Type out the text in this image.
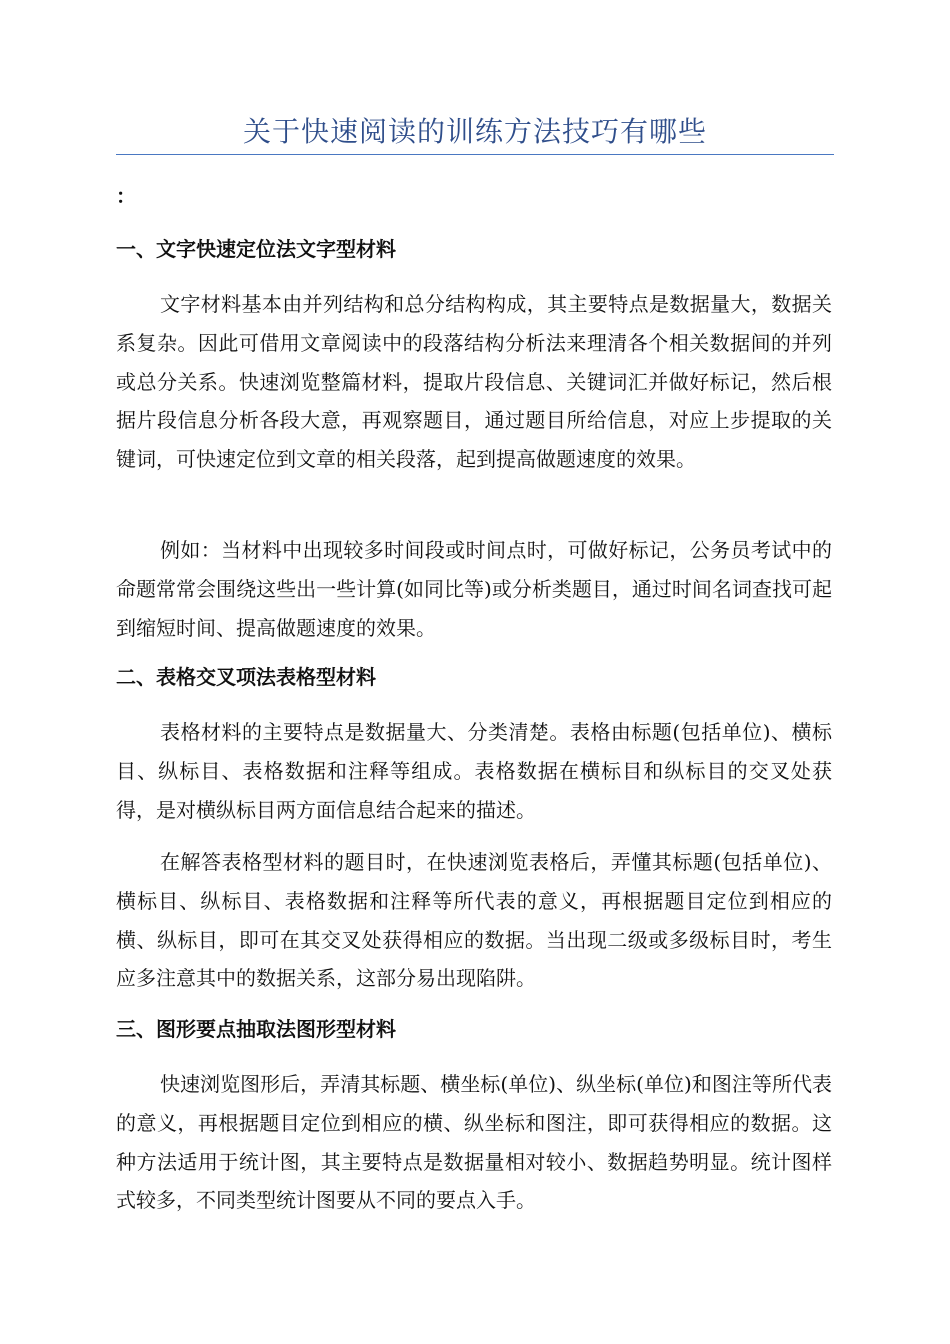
关于快速阅读的训练方法技巧有哪些

：

一、文字快速定位法文字型材料

文字材料基本由并列结构和总分结构构成，其主要特点是数据量大，数据关系复杂。因此可借用文章阅读中的段落结构分析法来理清各个相关数据间的并列或总分关系。快速浏览整篇材料，提取片段信息、关键词汇并做好标记，然后根据片段信息分析各段大意，再观察题目，通过题目所给信息，对应上步提取的关键词，可快速定位到文章的相关段落，起到提高做题速度的效果。

例如：当材料中出现较多时间段或时间点时，可做好标记，公务员考试中的命题常常会围绕这些出一些计算(如同比等)或分析类题目，通过时间名词查找可起到缩短时间、提高做题速度的效果。

二、表格交叉项法表格型材料

表格材料的主要特点是数据量大、分类清楚。表格由标题(包括单位)、横标目、纵标目、表格数据和注释等组成。表格数据在横标目和纵标目的交叉处获得，是对横纵标目两方面信息结合起来的描述。

在解答表格型材料的题目时，在快速浏览表格后，弄懂其标题(包括单位)、横标目、纵标目、表格数据和注释等所代表的意义，再根据题目定位到相应的横、纵标目，即可在其交叉处获得相应的数据。当出现二级或多级标目时，考生应多注意其中的数据关系，这部分易出现陷阱。

三、图形要点抽取法图形型材料

快速浏览图形后，弄清其标题、横坐标(单位)、纵坐标(单位)和图注等所代表的意义，再根据题目定位到相应的横、纵坐标和图注，即可获得相应的数据。这种方法适用于统计图，其主要特点是数据量相对较小、数据趋势明显。统计图样式较多，不同类型统计图要从不同的要点入手。
